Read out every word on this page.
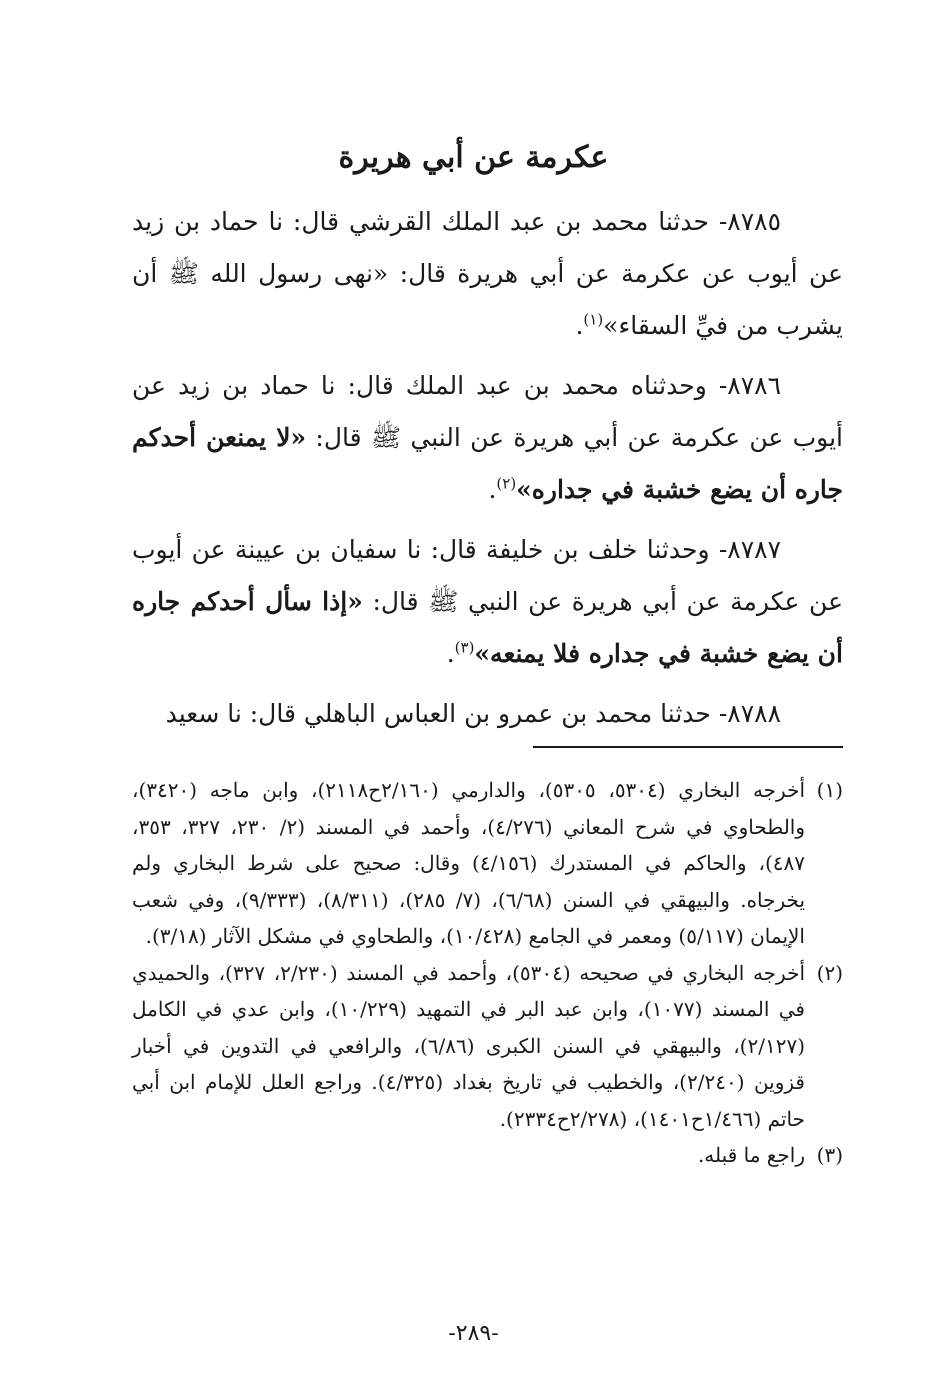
عكرمة عن أبي هريرة

٨٧٨٥- حدثنا محمد بن عبد الملك القرشي قال: نا حماد بن زيد عن أيوب عن عكرمة عن أبي هريرة قال: «نهى رسول الله ﷺ أن يشرب من فيِّ السقاء»$^{(١)}$.

٨٧٨٦- وحدثناه محمد بن عبد الملك قال: نا حماد بن زيد عن أيوب عن عكرمة عن أبي هريرة عن النبي ﷺ قال: «لا يمنعن أحدكم جاره أن يضع خشبة في جداره»$^{(٢)}$.

٨٧٨٧- وحدثنا خلف بن خليفة قال: نا سفيان بن عيينة عن أيوب عن عكرمة عن أبي هريرة عن النبي ﷺ قال: «إذا سأل أحدكم جاره أن يضع خشبة في جداره فلا يمنعه»$^{(٣)}$.

٨٧٨٨- حدثنا محمد بن عمرو بن العباس الباهلي قال: نا سعيد

(١)
أخرجه البخاري (٥٣٠٤، ٥٣٠٥)، والدارمي (٢/١٦٠ح٢١١٨)، وابن ماجه (٣٤٢٠)، والطحاوي في شرح المعاني (٤/٢٧٦)، وأحمد في المسند (٢/ ٢٣٠، ٣٢٧، ٣٥٣، ٤٨٧)، والحاكم في المستدرك (٤/١٥٦) وقال: صحيح على شرط البخاري ولم يخرجاه. والبيهقي في السنن (٦/٦٨)، (٧/ ٢٨٥)، (٨/٣١١)، (٩/٣٣٣)، وفي شعب الإيمان (٥/١١٧) ومعمر في الجامع (١٠/٤٢٨)، والطحاوي في مشكل الآثار (٣/١٨).

(٢)
أخرجه البخاري في صحيحه (٥٣٠٤)، وأحمد في المسند (٢/٢٣٠، ٣٢٧)، والحميدي في المسند (١٠٧٧)، وابن عبد البر في التمهيد (١٠/٢٢٩)، وابن عدي في الكامل (٢/١٢٧)، والبيهقي في السنن الكبرى (٦/٨٦)، والرافعي في التدوين في أخبار قزوين (٢/٢٤٠)، والخطيب في تاريخ بغداد (٤/٣٢٥). وراجع العلل للإمام ابن أبي حاتم (١/٤٦٦ح١٤٠١)، (٢/٢٧٨ح٢٣٣٤).

(٣)
راجع ما قبله.

-٢٨٩-
